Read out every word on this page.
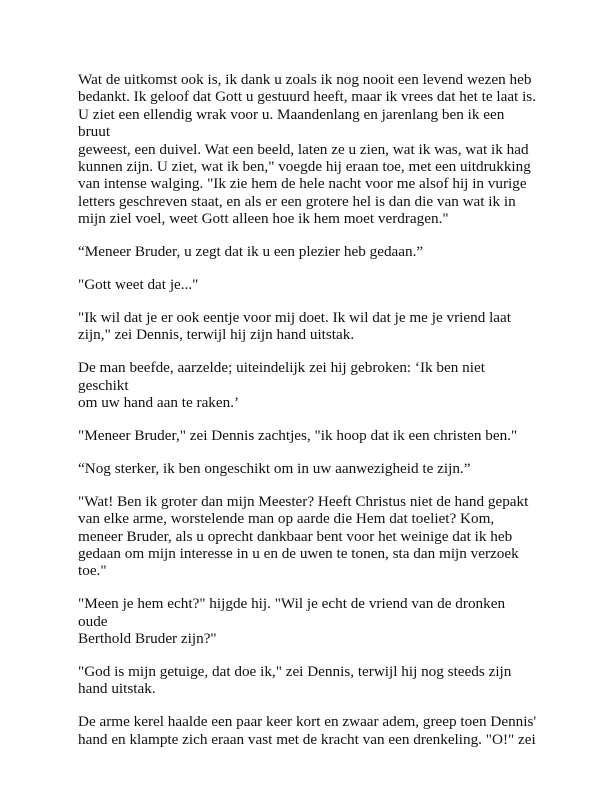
Wat de uitkomst ook is, ik dank u zoals ik nog nooit een levend wezen heb
bedankt. Ik geloof dat Gott u gestuurd heeft, maar ik vrees dat het te laat is.
U ziet een ellendig wrak voor u. Maandenlang en jarenlang ben ik een bruut
geweest, een duivel. Wat een beeld, laten ze u zien, wat ik was, wat ik had
kunnen zijn. U ziet, wat ik ben," voegde hij eraan toe, met een uitdrukking
van intense walging. "Ik zie hem de hele nacht voor me alsof hij in vurige
letters geschreven staat, en als er een grotere hel is dan die van wat ik in
mijn ziel voel, weet Gott alleen hoe ik hem moet verdragen."

“Meneer Bruder, u zegt dat ik u een plezier heb gedaan.”

"Gott weet dat je..."

"Ik wil dat je er ook eentje voor mij doet. Ik wil dat je me je vriend laat
zijn," zei Dennis, terwijl hij zijn hand uitstak.

De man beefde, aarzelde; uiteindelijk zei hij gebroken: ‘Ik ben niet geschikt
om uw hand aan te raken.’

"Meneer Bruder," zei Dennis zachtjes, "ik hoop dat ik een christen ben."

“Nog sterker, ik ben ongeschikt om in uw aanwezigheid te zijn.”

"Wat! Ben ik groter dan mijn Meester? Heeft Christus niet de hand gepakt
van elke arme, worstelende man op aarde die Hem dat toeliet? Kom,
meneer Bruder, als u oprecht dankbaar bent voor het weinige dat ik heb
gedaan om mijn interesse in u en de uwen te tonen, sta dan mijn verzoek
toe."

"Meen je hem echt?" hijgde hij. "Wil je echt de vriend van de dronken oude
Berthold Bruder zijn?"

"God is mijn getuige, dat doe ik," zei Dennis, terwijl hij nog steeds zijn
hand uitstak.

De arme kerel haalde een paar keer kort en zwaar adem, greep toen Dennis'
hand en klampte zich eraan vast met de kracht van een drenkeling. "O!" zei
